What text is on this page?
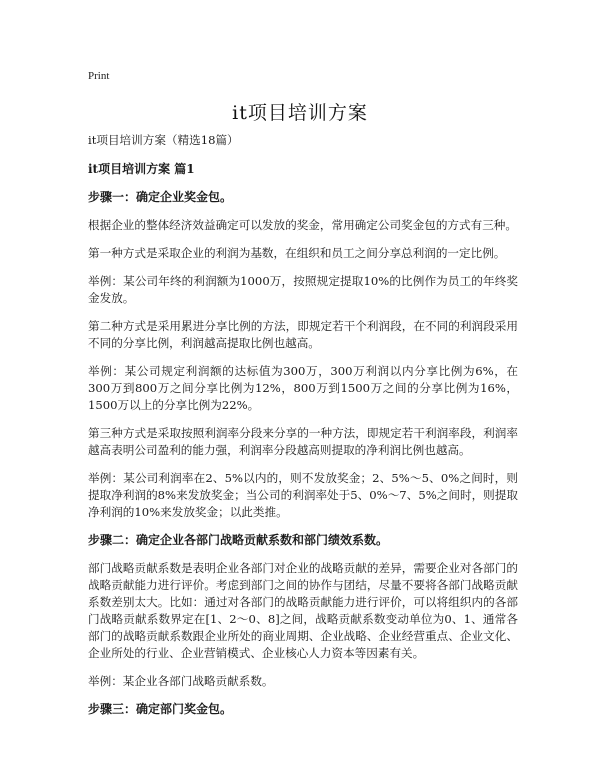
Print
it项目培训方案

it项目培训方案（精选18篇）

it项目培训方案 篇1

步骤一：确定企业奖金包。

根据企业的整体经济效益确定可以发放的奖金，常用确定公司奖金包的方式有三种。

第一种方式是采取企业的利润为基数，在组织和员工之间分享总利润的一定比例。

举例：某公司年终的利润额为1000万，按照规定提取10%的比例作为员工的年终奖金发放。

第二种方式是采用累进分享比例的方法，即规定若干个利润段，在不同的利润段采用不同的分享比例，利润越高提取比例也越高。

举例：某公司规定利润额的达标值为300万，300万利润以内分享比例为6%，在300万到800万之间分享比例为12%，800万到1500万之间的分享比例为16%，1500万以上的分享比例为22%。

第三种方式是采取按照利润率分段来分享的一种方法，即规定若干利润率段，利润率越高表明公司盈利的能力强，利润率分段越高则提取的净利润比例也越高。

举例：某公司利润率在2、5%以内的，则不发放奖金；2、5%～5、0%之间时，则提取净利润的8%来发放奖金；当公司的利润率处于5、0%～7、5%之间时，则提取净利润的10%来发放奖金；以此类推。

步骤二：确定企业各部门战略贡献系数和部门绩效系数。

部门战略贡献系数是表明企业各部门对企业的战略贡献的差异，需要企业对各部门的战略贡献能力进行评价。考虑到部门之间的协作与团结，尽量不要将各部门战略贡献系数差别太大。比如：通过对各部门的战略贡献能力进行评价，可以将组织内的各部门战略贡献系数界定在[1、2～0、8]之间，战略贡献系数变动单位为0、1、通常各部门的战略贡献系数跟企业所处的商业周期、企业战略、企业经营重点、企业文化、企业所处的行业、企业营销模式、企业核心人力资本等因素有关。

举例：某企业各部门战略贡献系数。

步骤三：确定部门奖金包。
